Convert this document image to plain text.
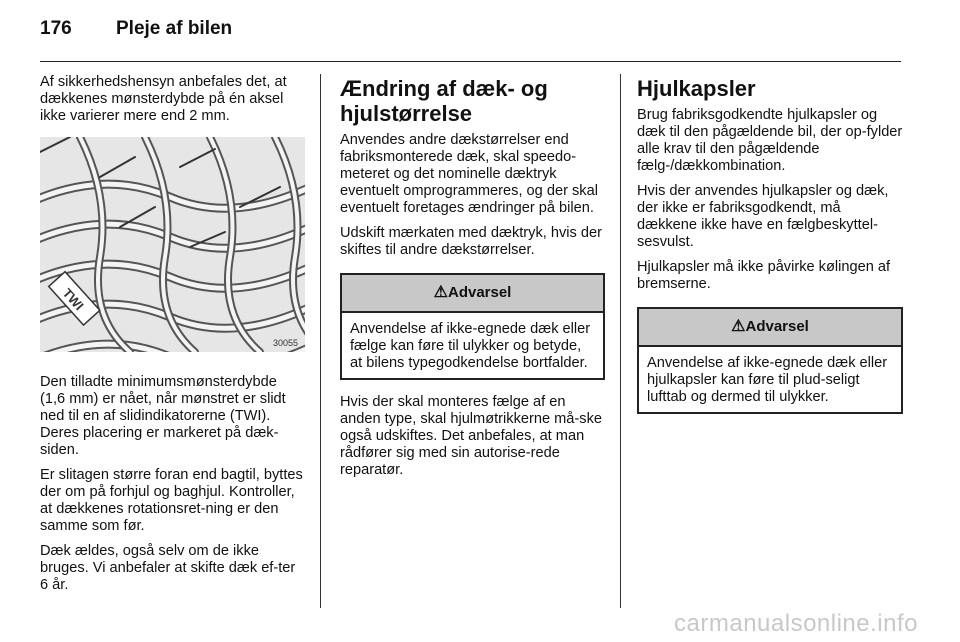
176 Pleje af bilen

Af sikkerhedshensyn anbefales det, at dækkenes mønsterdybde på én aksel ikke varierer mere end 2 mm.

TWI
30055

Den tilladte minimumsmønsterdybde (1,6 mm) er nået, når mønstret er slidt ned til en af slidindikatorerne (TWI). Deres placering er markeret på dæk-siden.

Er slitagen større foran end bagtil, byttes der om på forhjul og baghjul. Kontroller, at dækkenes rotationsret-ning er den samme som før.

Dæk ældes, også selv om de ikke bruges. Vi anbefaler at skifte dæk ef-ter 6 år.

Ændring af dæk- og hjulstørrelse

Anvendes andre dækstørrelser end fabriksmonterede dæk, skal speedo-meteret og det nominelle dæktryk eventuelt omprogrammeres, og der skal eventuelt foretages ændringer på bilen.

Udskift mærkaten med dæktryk, hvis der skiftes til andre dækstørrelser.

⚠Advarsel

Anvendelse af ikke-egnede dæk eller fælge kan føre til ulykker og betyde, at bilens typegodkendelse bortfalder.

Hvis der skal monteres fælge af en anden type, skal hjulmøtrikkerne må-ske også udskiftes. Det anbefales, at man rådfører sig med sin autorise-rede reparatør.

Hjulkapsler

Brug fabriksgodkendte hjulkapsler og dæk til den pågældende bil, der op-fylder alle krav til den pågældende fælg-/dækkombination.

Hvis der anvendes hjulkapsler og dæk, der ikke er fabriksgodkendt, må dækkene ikke have en fælgbeskyttel-sesvulst.

Hjulkapsler må ikke påvirke kølingen af bremserne.

⚠Advarsel

Anvendelse af ikke-egnede dæk eller hjulkapsler kan føre til plud-seligt lufttab og dermed til ulykker.

carmanualsonline.info
